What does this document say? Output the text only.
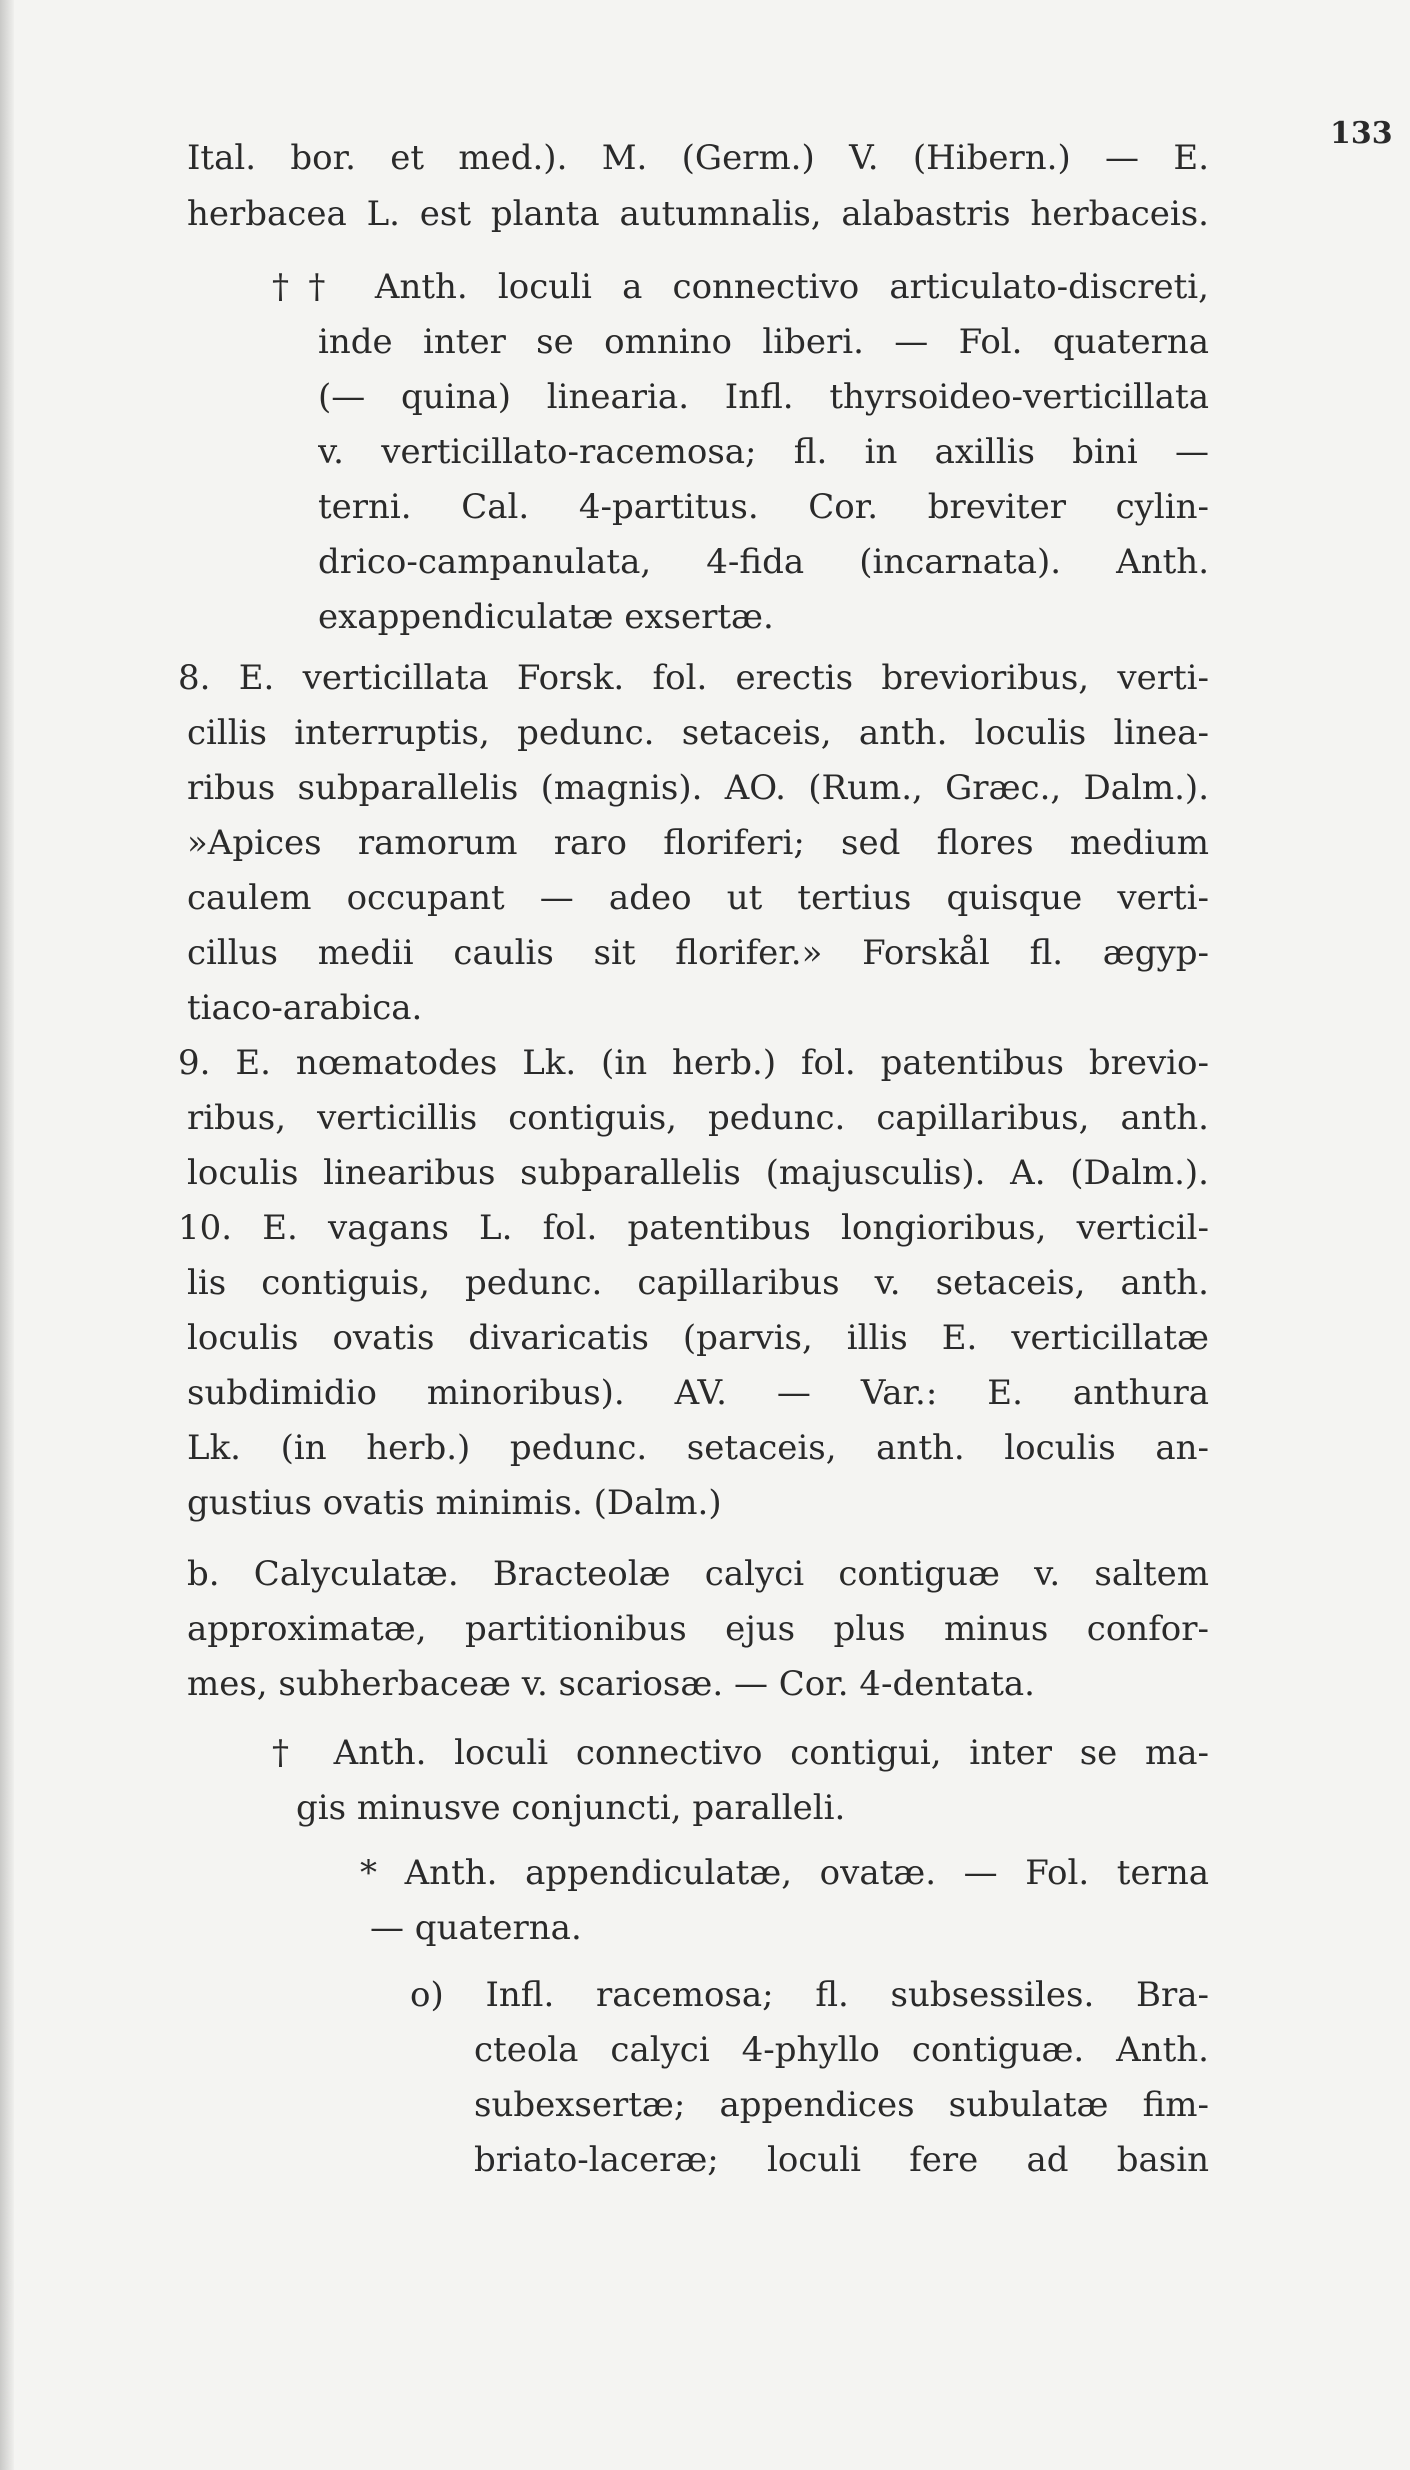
133
Ital. bor. et med.). M. (Germ.) V. (Hibern.) — E.
herbacea L. est planta autumnalis, alabastris herbaceis.
†† Anth. loculi a connectivo articulato-discreti,
inde inter se omnino liberi. — Fol. quaterna
(— quina) linearia. Infl. thyrsoideo-verticillata
v. verticillato-racemosa; fl. in axillis bini —
terni. Cal. 4-partitus. Cor. breviter cylin-
drico-campanulata, 4-fida (incarnata). Anth.
exappendiculatæ exsertæ.
8. E. verticillata Forsk. fol. erectis brevioribus, verti-
cillis interruptis, pedunc. setaceis, anth. loculis linea-
ribus subparallelis (magnis). AO. (Rum., Græc., Dalm.).
»Apices ramorum raro floriferi; sed flores medium
caulem occupant — adeo ut tertius quisque verti-
cillus medii caulis sit florifer.» Forskål fl. ægyp-
tiaco-arabica.
9. E. nœmatodes Lk. (in herb.) fol. patentibus brevio-
ribus, verticillis contiguis, pedunc. capillaribus, anth.
loculis linearibus subparallelis (majusculis). A. (Dalm.).
10. E. vagans L. fol. patentibus longioribus, verticil-
lis contiguis, pedunc. capillaribus v. setaceis, anth.
loculis ovatis divaricatis (parvis, illis E. verticillatæ
subdimidio minoribus). AV. — Var.: E. anthura
Lk. (in herb.) pedunc. setaceis, anth. loculis an-
gustius ovatis minimis. (Dalm.)
b. Calyculatæ. Bracteolæ calyci contiguæ v. saltem
approximatæ, partitionibus ejus plus minus confor-
mes, subherbaceæ v. scariosæ. — Cor. 4-dentata.
† Anth. loculi connectivo contigui, inter se ma-
gis minusve conjuncti, paralleli.
* Anth. appendiculatæ, ovatæ. — Fol. terna
— quaterna.
o) Infl. racemosa; fl. subsessiles. Bra-
cteola calyci 4-phyllo contiguæ. Anth.
subexsertæ; appendices subulatæ fim-
briato-laceræ; loculi fere ad basin
